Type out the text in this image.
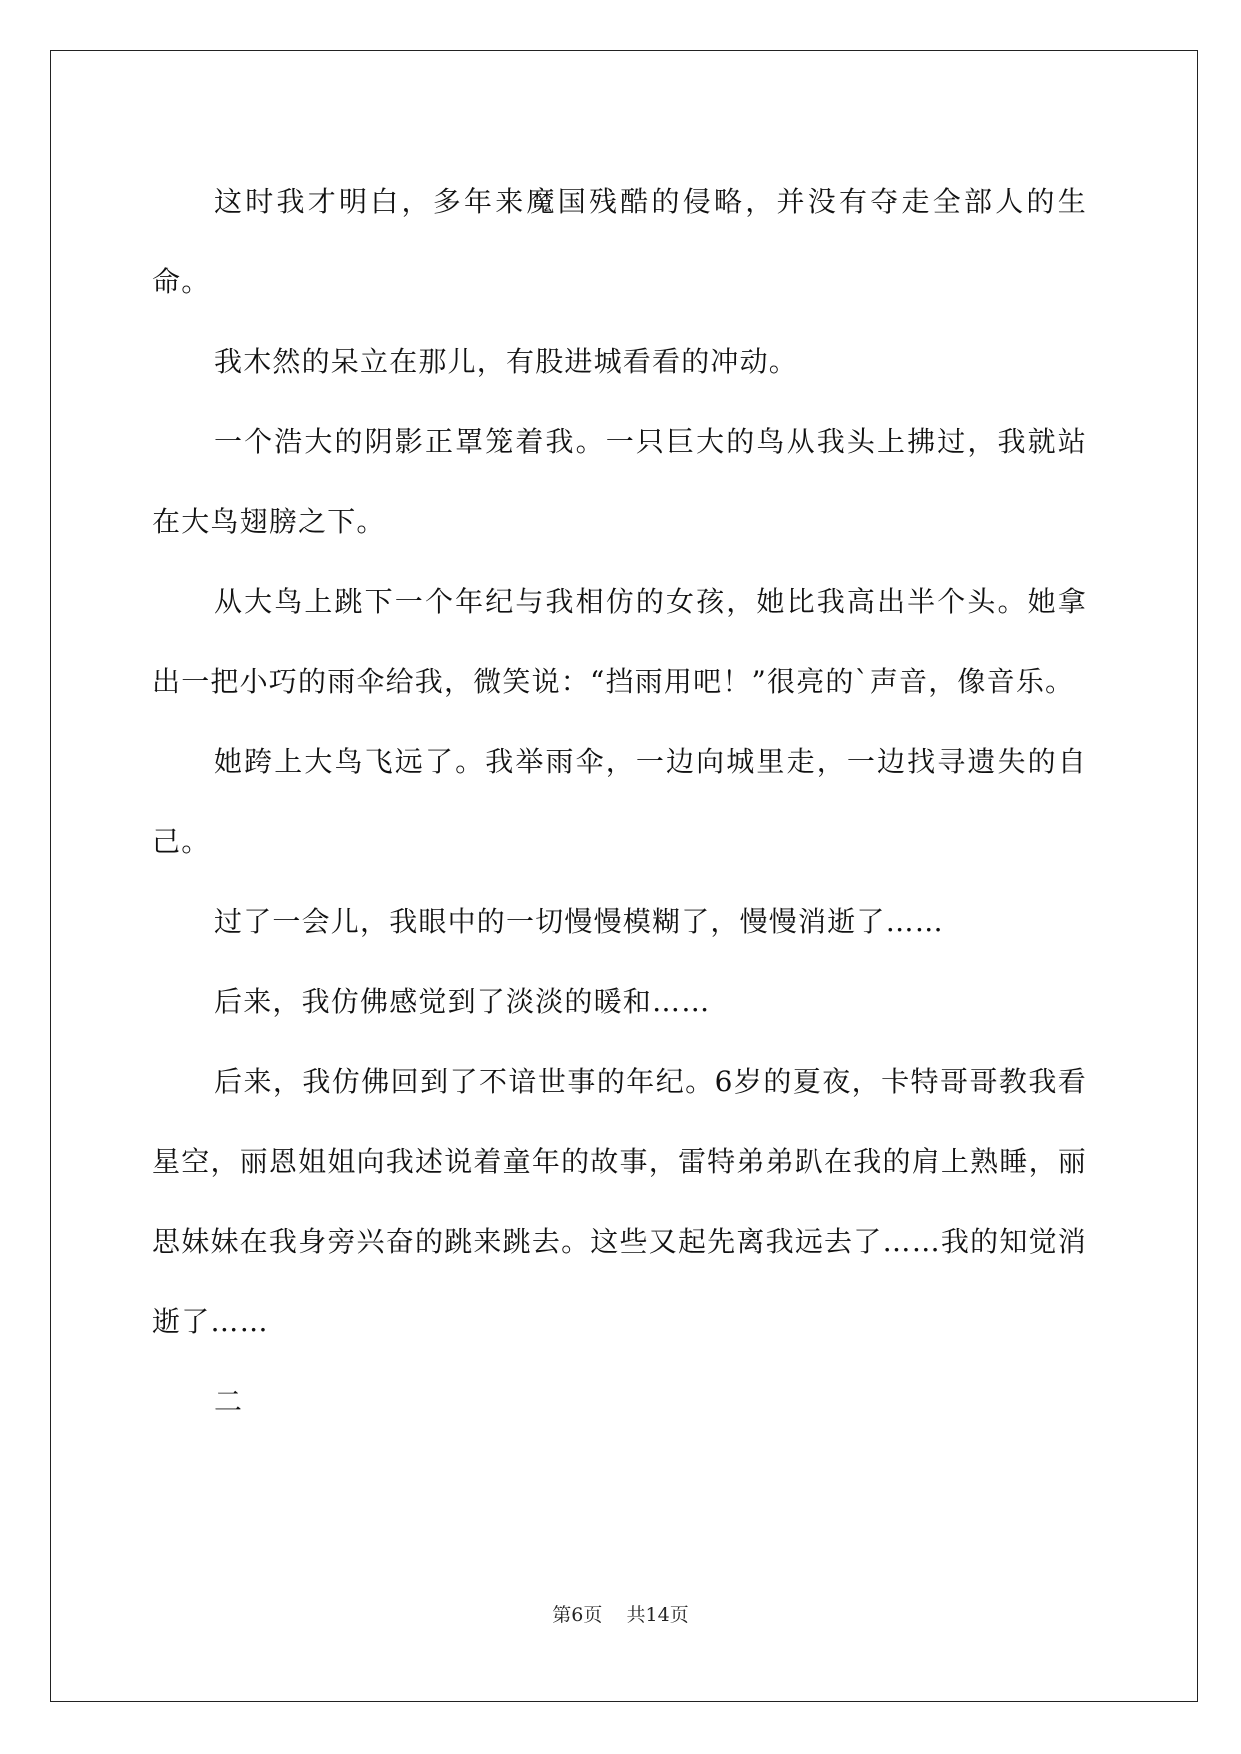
这时我才明白，多年来魔国残酷的侵略，并没有夺走全部人的生命。

我木然的呆立在那儿，有股进城看看的冲动。

一个浩大的阴影正罩笼着我。一只巨大的鸟从我头上拂过，我就站在大鸟翅膀之下。

从大鸟上跳下一个年纪与我相仿的女孩，她比我高出半个头。她拿出一把小巧的雨伞给我，微笑说：“挡雨用吧！”很亮的`声音，像音乐。

她跨上大鸟飞远了。我举雨伞，一边向城里走，一边找寻遗失的自己。

过了一会儿，我眼中的一切慢慢模糊了，慢慢消逝了……

后来，我仿佛感觉到了淡淡的暖和……

后来，我仿佛回到了不谙世事的年纪。6岁的夏夜，卡特哥哥教我看星空，丽恩姐姐向我述说着童年的故事，雷特弟弟趴在我的肩上熟睡，丽思妹妹在我身旁兴奋的跳来跳去。这些又起先离我远去了……我的知觉消逝了……

二

第6页 共14页
